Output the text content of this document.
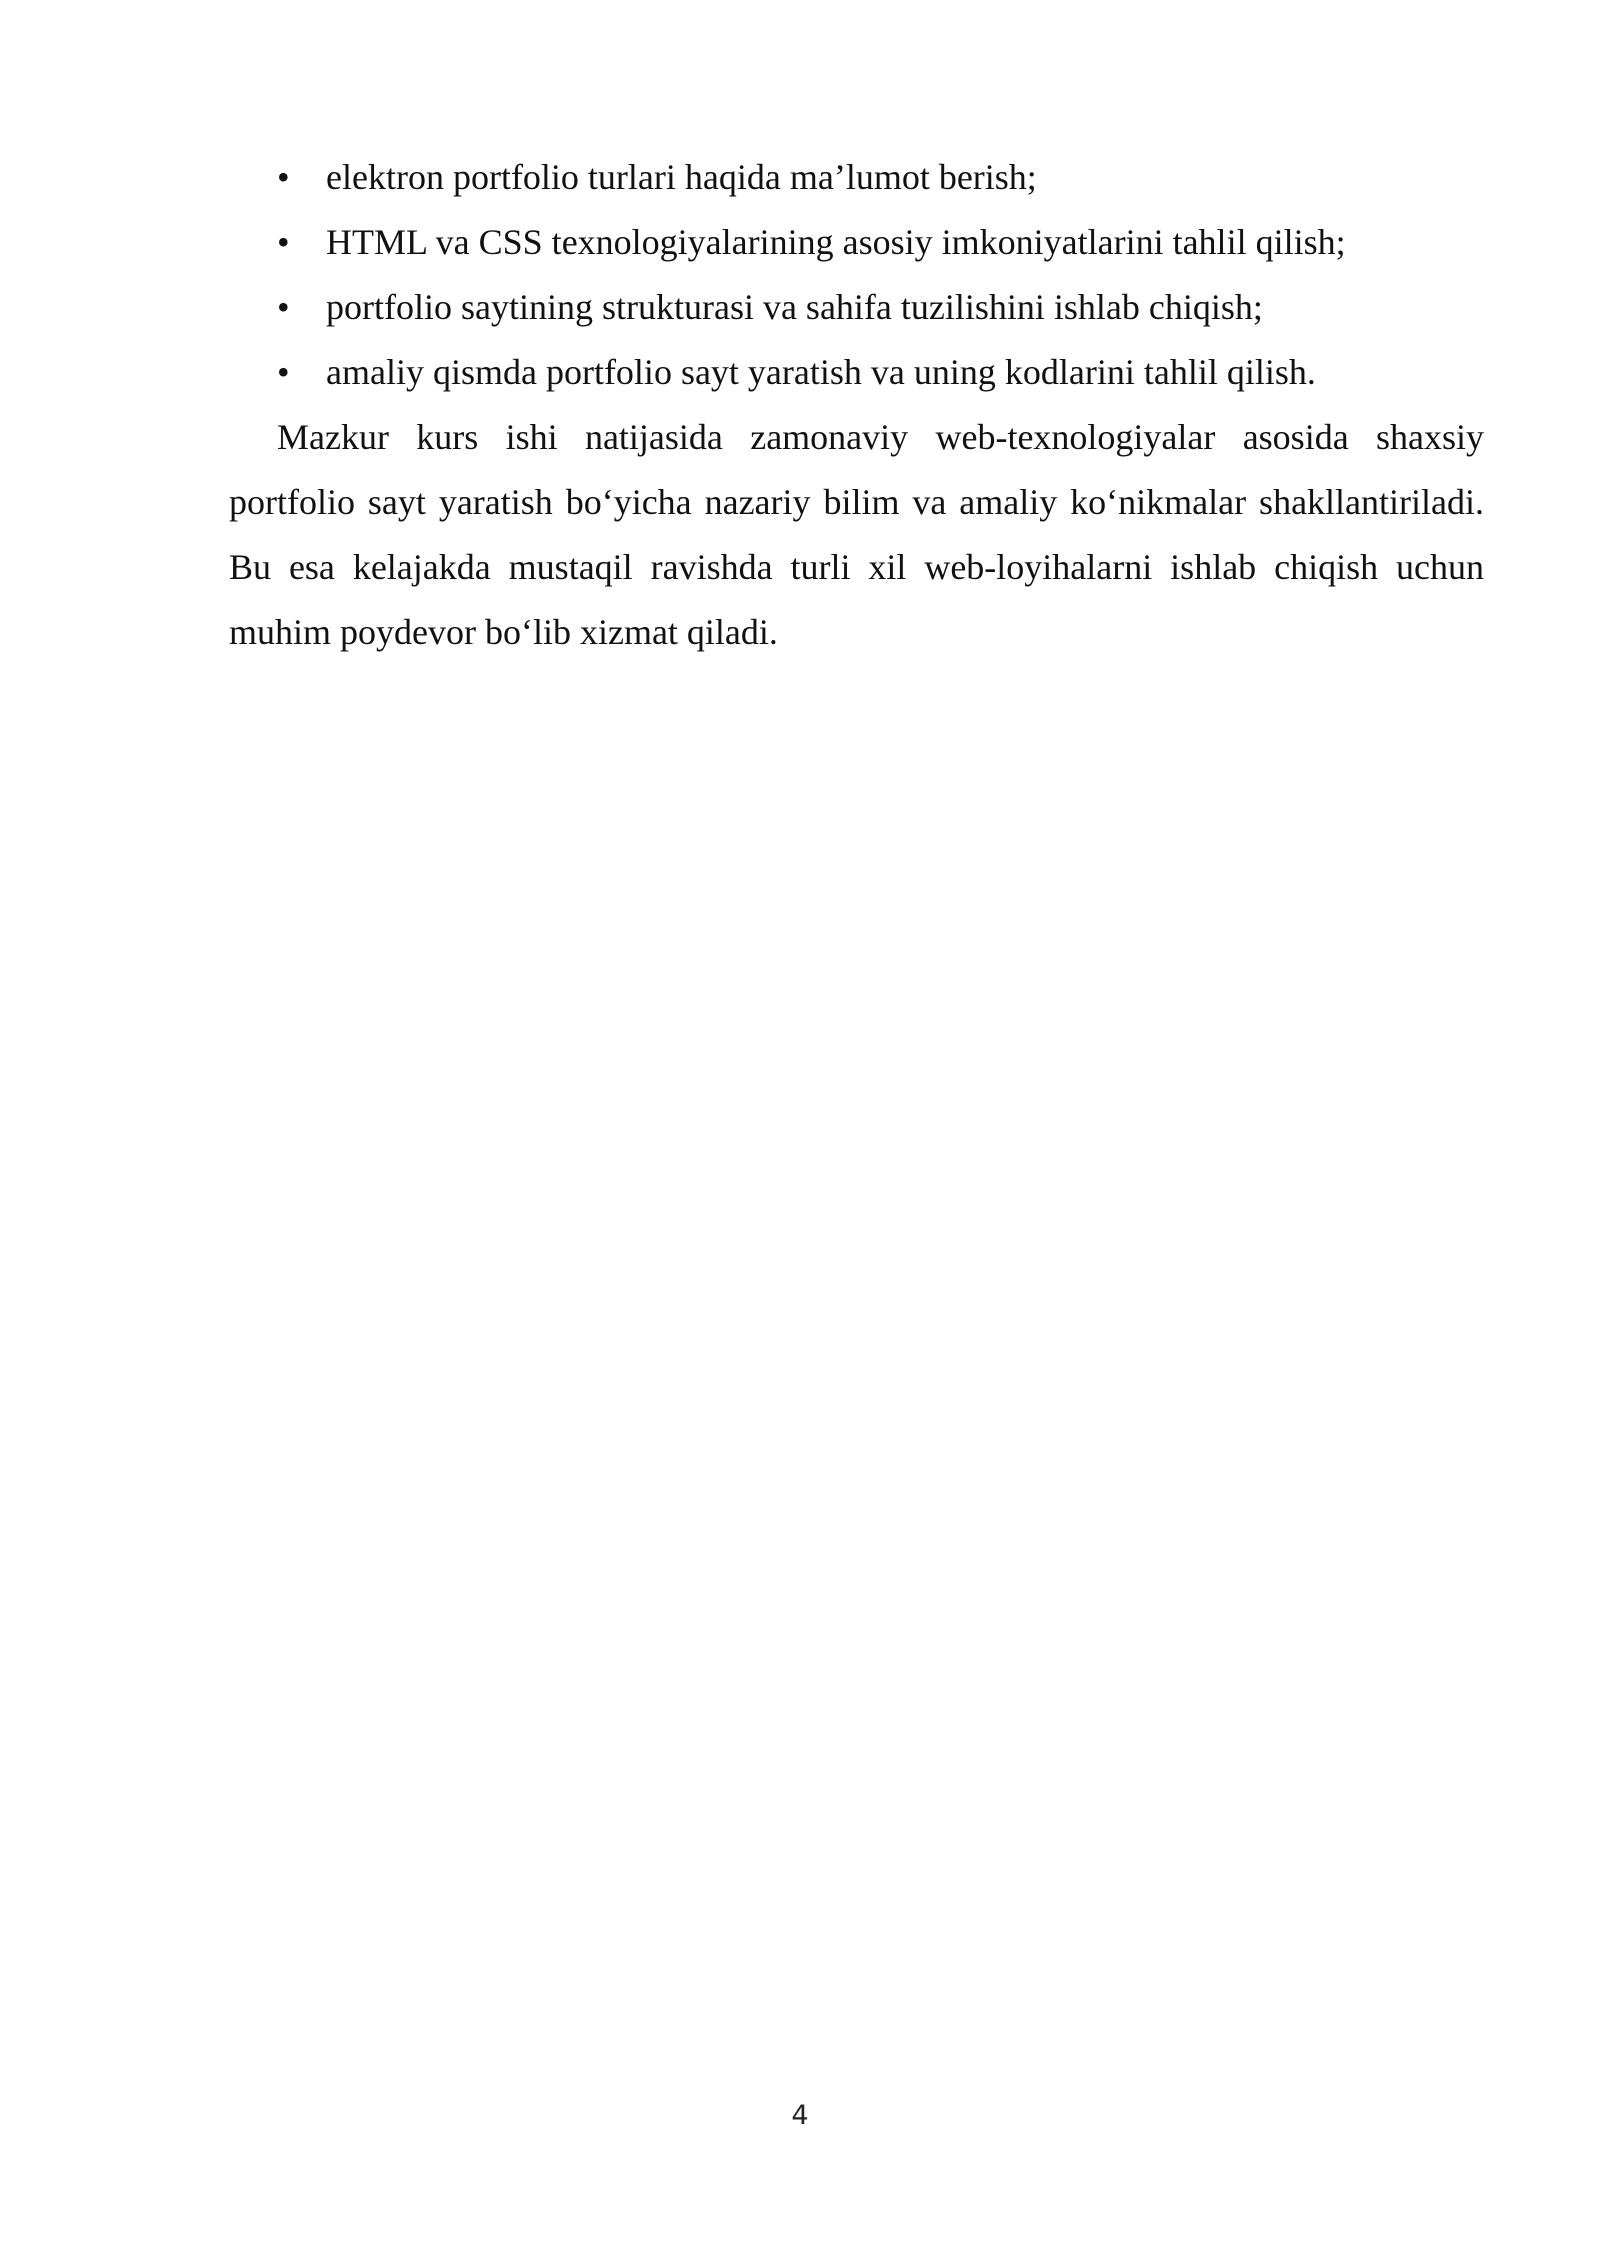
• elektron portfolio turlari haqida ma’lumot berish;
• HTML va CSS texnologiyalarining asosiy imkoniyatlarini tahlil qilish;
• portfolio saytining strukturasi va sahifa tuzilishini ishlab chiqish;
• amaliy qismda portfolio sayt yaratish va uning kodlarini tahlil qilish.

Mazkur kurs ishi natijasida zamonaviy web-texnologiyalar asosida shaxsiy portfolio sayt yaratish bo‘yicha nazariy bilim va amaliy ko‘nikmalar shakllantiriladi. Bu esa kelajakda mustaqil ravishda turli xil web-loyihalarni ishlab chiqish uchun muhim poydevor bo‘lib xizmat qiladi.

4
